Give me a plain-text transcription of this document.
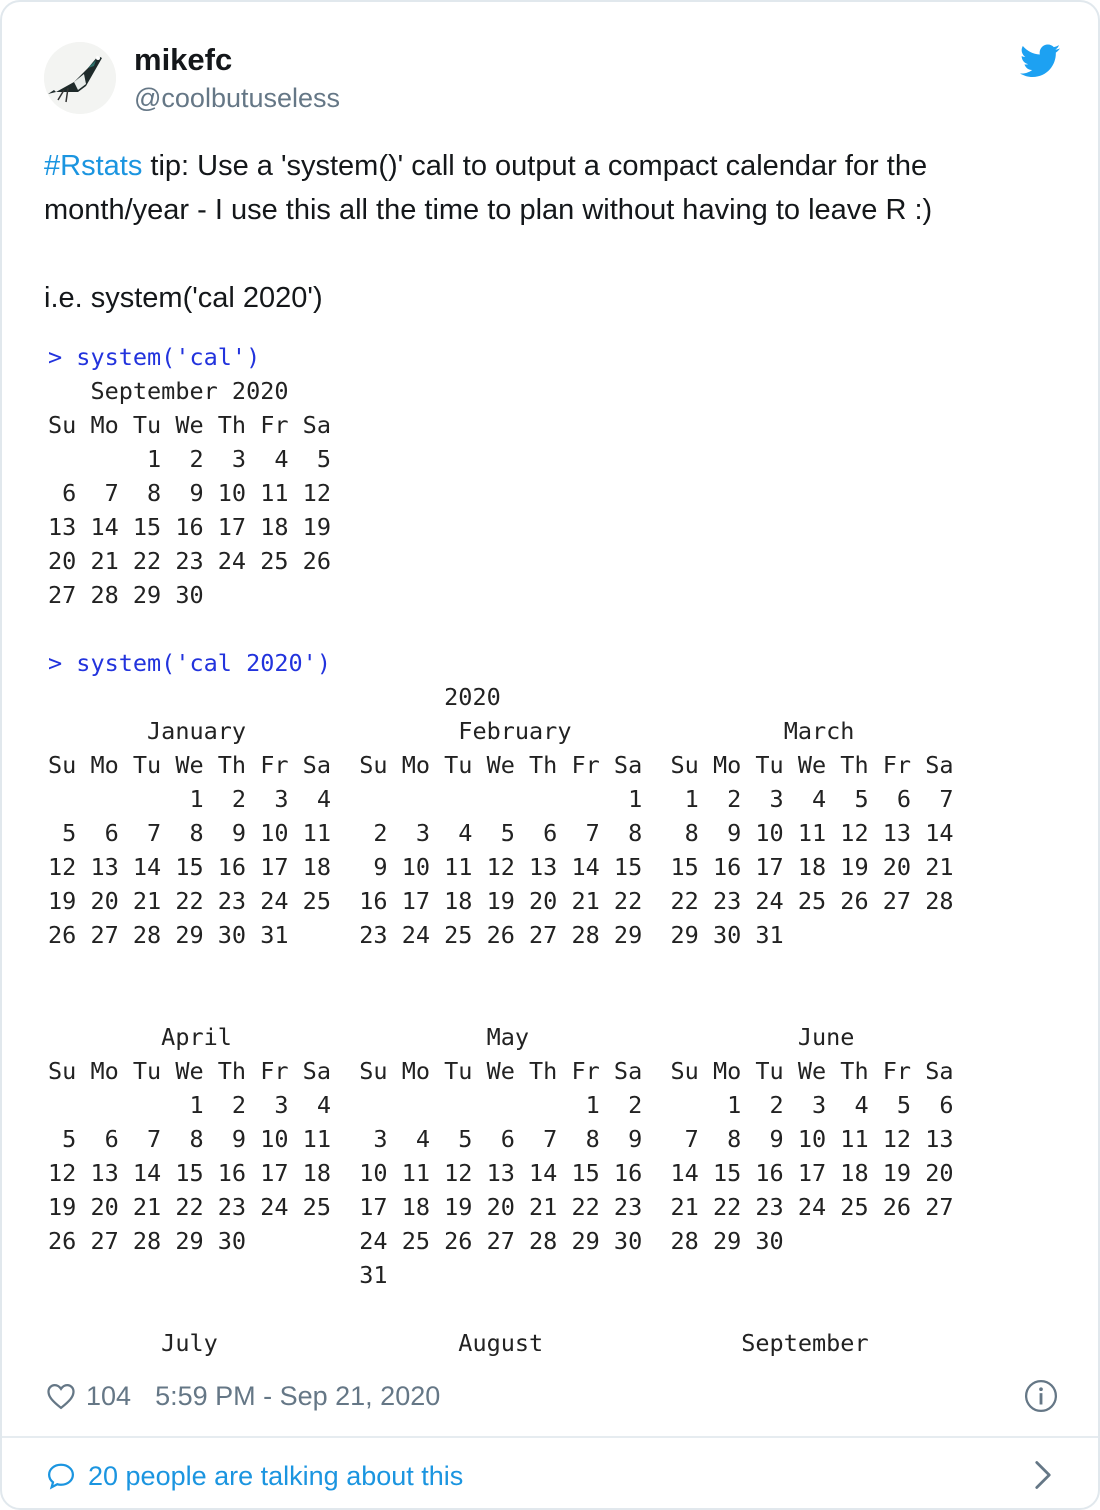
mikefc
@coolbutuseless
#Rstats tip: Use a 'system()' call to output a compact calendar for the
month/year - I use this all the time to plan without having to leave R :)
i.e. system('cal 2020')

> system('cal')

September 2020

Su Mo Tu We Th Fr Sa

1  2  3  4  5

6  7  8  9 10 11 12

13 14 15 16 17 18 19

20 21 22 23 24 25 26

27 28 29 30

> system('cal 2020')

2020

January               February               March

Su Mo Tu We Th Fr Sa  Su Mo Tu We Th Fr Sa  Su Mo Tu We Th Fr Sa

1  2  3  4                     1   1  2  3  4  5  6  7

5  6  7  8  9 10 11   2  3  4  5  6  7  8   8  9 10 11 12 13 14

12 13 14 15 16 17 18   9 10 11 12 13 14 15  15 16 17 18 19 20 21

19 20 21 22 23 24 25  16 17 18 19 20 21 22  22 23 24 25 26 27 28

26 27 28 29 30 31     23 24 25 26 27 28 29  29 30 31

April                  May                   June

Su Mo Tu We Th Fr Sa  Su Mo Tu We Th Fr Sa  Su Mo Tu We Th Fr Sa

1  2  3  4                  1  2      1  2  3  4  5  6

5  6  7  8  9 10 11   3  4  5  6  7  8  9   7  8  9 10 11 12 13

12 13 14 15 16 17 18  10 11 12 13 14 15 16  14 15 16 17 18 19 20

19 20 21 22 23 24 25  17 18 19 20 21 22 23  21 22 23 24 25 26 27

26 27 28 29 30        24 25 26 27 28 29 30  28 29 30

31

July                 August              September

104 5:59 PM - Sep 21, 2020
20 people are talking about this
